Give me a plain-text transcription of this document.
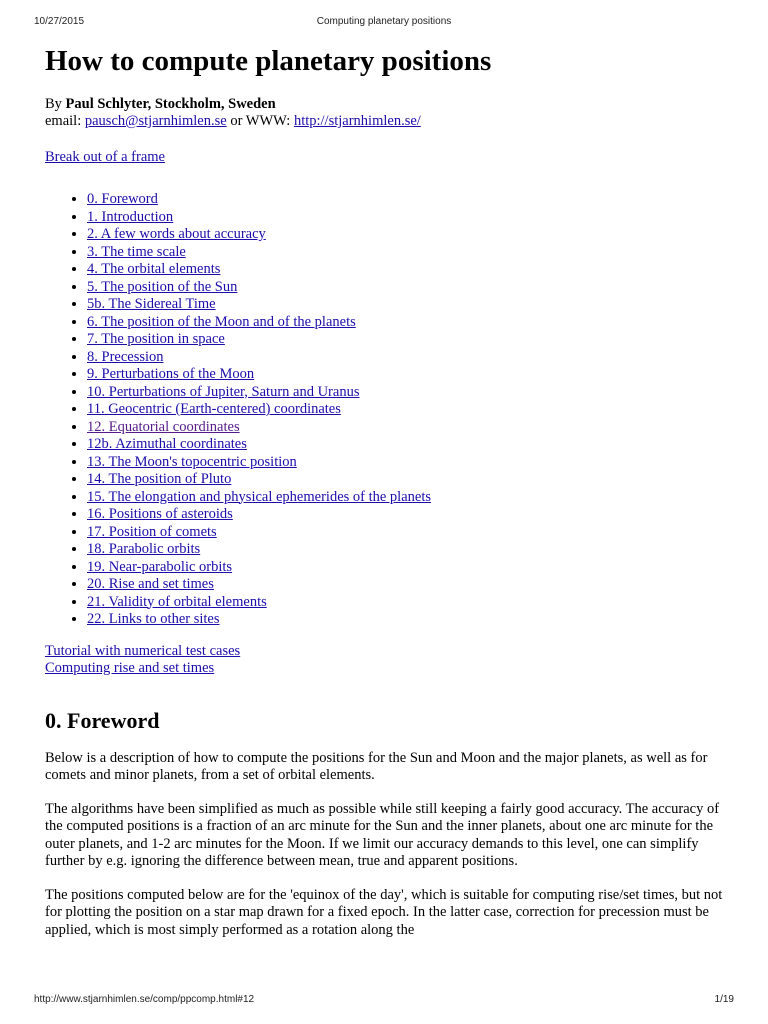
10/27/2015	Computing planetary positions
How to compute planetary positions
By Paul Schlyter, Stockholm, Sweden
email: pausch@stjarnhimlen.se or WWW: http://stjarnhimlen.se/
Break out of a frame
• 0. Foreword
• 1. Introduction
• 2. A few words about accuracy
• 3. The time scale
• 4. The orbital elements
• 5. The position of the Sun
• 5b. The Sidereal Time
• 6. The position of the Moon and of the planets
• 7. The position in space
• 8. Precession
• 9. Perturbations of the Moon
• 10. Perturbations of Jupiter, Saturn and Uranus
• 11. Geocentric (Earth-centered) coordinates
• 12. Equatorial coordinates
• 12b. Azimuthal coordinates
• 13. The Moon's topocentric position
• 14. The position of Pluto
• 15. The elongation and physical ephemerides of the planets
• 16. Positions of asteroids
• 17. Position of comets
• 18. Parabolic orbits
• 19. Near-parabolic orbits
• 20. Rise and set times
• 21. Validity of orbital elements
• 22. Links to other sites
Tutorial with numerical test cases
Computing rise and set times
0. Foreword

Below is a description of how to compute the positions for the Sun and Moon and the major planets, as well as for comets and minor planets, from a set of orbital elements.

The algorithms have been simplified as much as possible while still keeping a fairly good accuracy. The accuracy of the computed positions is a fraction of an arc minute for the Sun and the inner planets, about one arc minute for the outer planets, and 1-2 arc minutes for the Moon. If we limit our accuracy demands to this level, one can simplify further by e.g. ignoring the difference between mean, true and apparent positions.

The positions computed below are for the 'equinox of the day', which is suitable for computing rise/set times, but not for plotting the position on a star map drawn for a fixed epoch. In the latter case, correction for precession must be applied, which is most simply performed as a rotation along the

http://www.stjarnhimlen.se/comp/ppcomp.html#12	1/19
